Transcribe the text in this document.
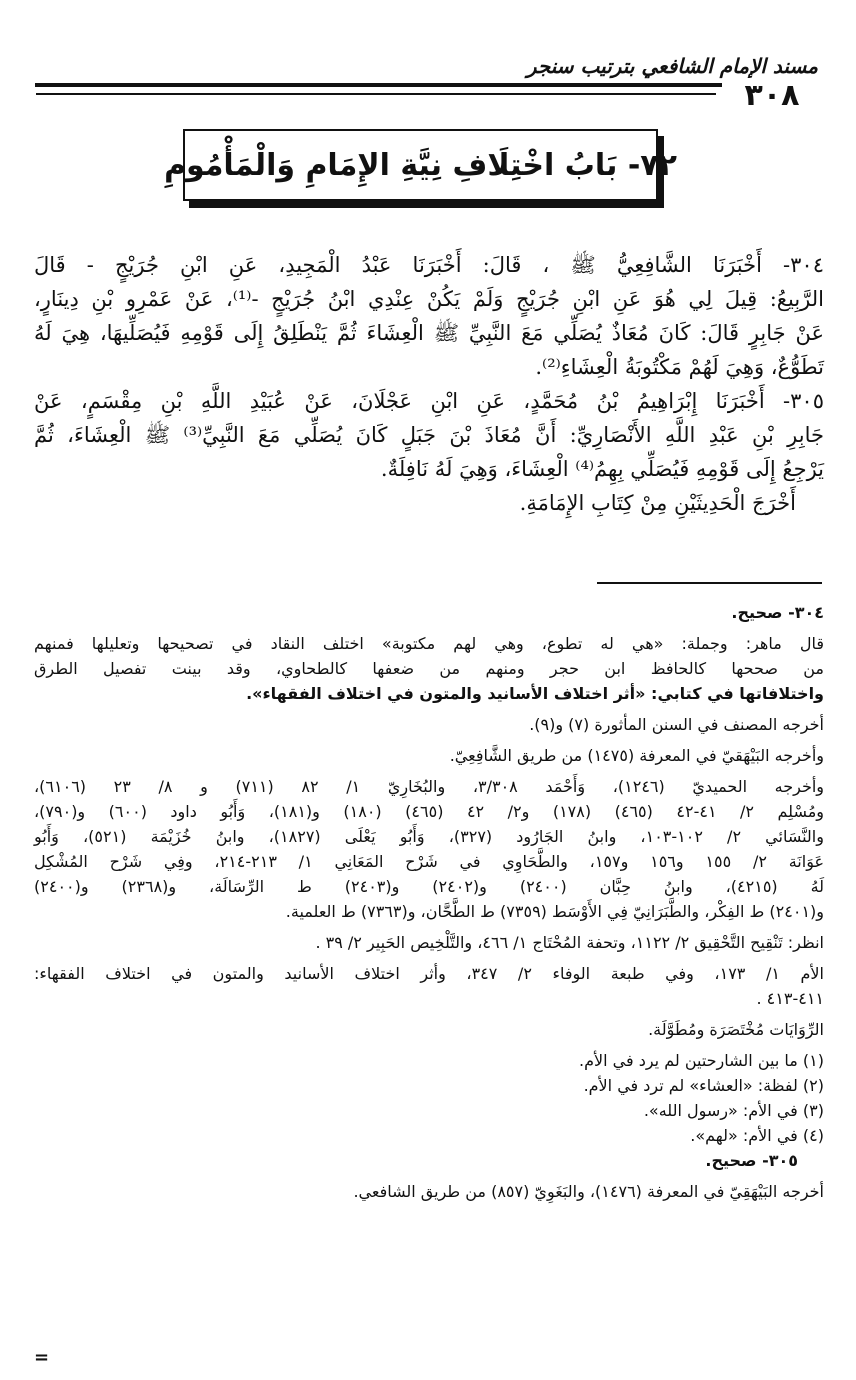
مسند الإمام الشافعي بترتيب سنجر
٣٠٨
٧٢- بَابُ اخْتِلَافِ نِيَّةِ الإِمَامِ وَالْمَأْمُومِ

٣٠٤- أَخْبَرَنَا الشَّافِعِيُّ ﷺ ، قَالَ: أَخْبَرَنَا عَبْدُ الْمَجِيدِ، عَنِ ابْنِ جُرَيْجٍ - قَالَ

الرَّبِيعُ: قِيلَ لِي هُوَ عَنِ ابْنِ جُرَيْجٍ وَلَمْ يَكُنْ عِنْدِي ابْنُ جُرَيْجٍ -⁽¹⁾، عَنْ عَمْرِو بْنِ دِينَارٍ،

عَنْ جَابِرٍ قَالَ: كَانَ مُعَاذٌ يُصَلِّي مَعَ النَّبِيِّ ﷺ الْعِشَاءَ ثُمَّ يَنْطَلِقُ إِلَى قَوْمِهِ فَيُصَلِّيهَا، هِيَ لَهُ

تَطَوُّعٌ، وَهِيَ لَهُمْ مَكْتُوبَةُ الْعِشَاءِ⁽²⁾.

٣٠٥- أَخْبَرَنَا إِبْرَاهِيمُ بْنُ مُحَمَّدٍ، عَنِ ابْنِ عَجْلَانَ، عَنْ عُبَيْدِ اللَّهِ بْنِ مِقْسَمٍ، عَنْ

جَابِرِ بْنِ عَبْدِ اللَّهِ الأَنْصَارِيِّ: أَنَّ مُعَاذَ بْنَ جَبَلٍ كَانَ يُصَلِّي مَعَ النَّبِيِّ⁽³⁾ ﷺ الْعِشَاءَ، ثُمَّ

يَرْجِعُ إِلَى قَوْمِهِ فَيُصَلِّي بِهِمُ⁽⁴⁾ الْعِشَاءَ، وَهِيَ لَهُ نَافِلَةٌ.

أَخْرَجَ الْحَدِيثَيْنِ مِنْ كِتَابِ الإِمَامَةِ.

٣٠٤- صحيح.

قال ماهر: وجملة: «هي له تطوع، وهي لهم مكتوبة» اختلف النقاد في تصحيحها وتعليلها فمنهم

من صححها كالحافظ ابن حجر ومنهم من ضعفها كالطحاوي، وقد بينت تفصيل الطرق

واختلافاتها في كتابي: «أثر اختلاف الأسانيد والمتون في اختلاف الفقهاء».

أخرجه المصنف في السنن المأثورة (٧) و(٩).

وأخرجه البَيْهَقيّ في المعرفة (١٤٧٥) من طريق الشَّافِعِيّ.

وأخرجه الحميديّ (١٢٤٦)، وَأَحْمَد ٣/٣٠٨، والبُخَارِيّ ١/ ٨٢ (٧١١) و ٨/ ٢٣ (٦١٠٦)،

ومُسْلِم ٢/ ٤١-٤٢ (٤٦٥) (١٧٨) و٢/ ٤٢ (٤٦٥) (١٨٠) و(١٨١)، وَأَبُو داود (٦٠٠) و(٧٩٠)،

والنَّسَائي ٢/ ١٠٢-١٠٣، وابنُ الجَارُود (٣٢٧)، وَأَبُو يَعْلَى (١٨٢٧)، وابنُ خُزَيْمَة (٥٢١)، وَأَبُو

عَوَانَة ٢/ ١٥٥ و١٥٦ و١٥٧، والطَّحَاوِي في شَرْح المَعَانِي ١/ ٢١٣-٢١٤، وفِي شَرْح المُشْكِل

لَهُ (٤٢١٥)، وابنُ حِبَّان (٢٤٠٠) و(٢٤٠٢) و(٢٤٠٣) ط الرِّسَالَة، و(٢٣٦٨) و(٢٤٠٠)

و(٢٤٠١) ط الفِكْر، والطَّبَرَانِيّ فِي الأَوْسَط (٧٣٥٩) ط الطَّحَّان، و(٧٣٦٣) ط العلمية.

انظر: تَنْقِيح التَّحْقِيق ٢/ ١١٢٢، وتحفة المُحْتَاج ١/ ٤٦٦، والتَّلْخِيص الحَبِير ٢/ ٣٩ .

الأم ١/ ١٧٣، وفي طبعة الوفاء ٢/ ٣٤٧، وأثر اختلاف الأسانيد والمتون في اختلاف الفقهاء:

٤١١-٤١٣ .

الرِّوَايَات مُخْتَصَرَة ومُطَوَّلَة.

(١) ما بين الشارحتين لم يرد في الأم.

(٢) لفظة: «العشاء» لم ترد في الأم.

(٣) في الأم: «رسول الله».

(٤) في الأم: «لهم».

٣٠٥- صحيح.

أخرجه البَيْهَقِيّ في المعرفة (١٤٧٦)، والبَغَوِيّ (٨٥٧) من طريق الشافعي.

=
